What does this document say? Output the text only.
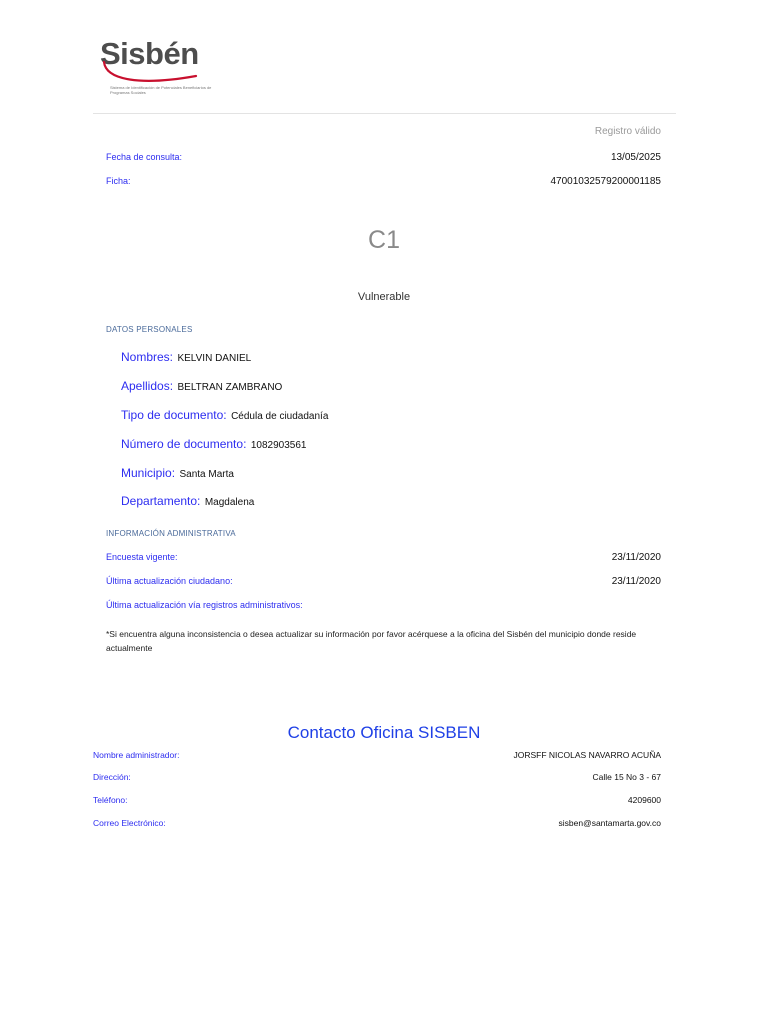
Sisbén
Sistema de Identificación de Potenciales Beneficiarios de Programas Sociales
Registro válido
Fecha de consulta:	13/05/2025
Ficha:	47001032579200001185
C1
Vulnerable
DATOS PERSONALES
Nombres: KELVIN DANIEL
Apellidos: BELTRAN ZAMBRANO
Tipo de documento: Cédula de ciudadanía
Número de documento: 1082903561
Municipio: Santa Marta
Departamento: Magdalena
INFORMACIÓN ADMINISTRATIVA
Encuesta vigente:	23/11/2020
Última actualización ciudadano:	23/11/2020
Última actualización vía registros administrativos:
*Si encuentra alguna inconsistencia o desea actualizar su información por favor acérquese a la oficina del Sisbén del municipio donde reside actualmente
Contacto Oficina SISBEN
Nombre administrador:	JORSFF NICOLAS NAVARRO ACUÑA
Dirección:	Calle 15 No 3 - 67
Teléfono:	4209600
Correo Electrónico:	sisben@santamarta.gov.co
